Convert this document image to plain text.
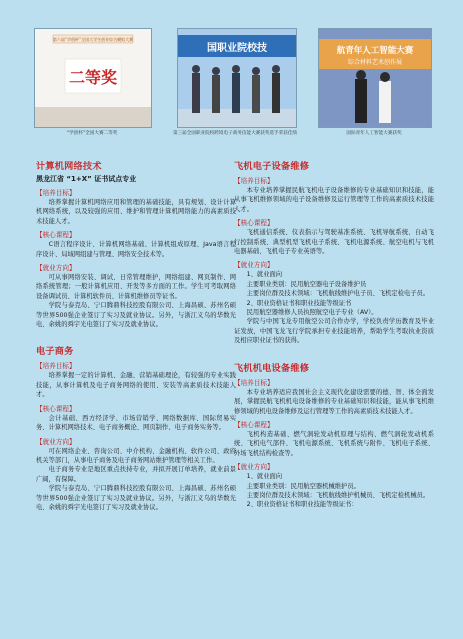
第六届“学创杯”全国大学生创业综合模拟大赛
二等奖
国职业院校技	航青年人工智能大赛
综合材料艺术创作展
“学创杯”全国大赛二等奖	第三届全国职业院校跨境电子商务技能大赛获奖选手荣获佳绩	国际青年人工智能大赛获奖
计算机网络技术
黑龙江省 “1+X” 证书试点专业
【培养目标】

培养掌握计算机网络应用和管理的基础技能，具有规划、设计计算机网络系统，以及较强的应用、维护和管理计算机网络能力的高素质技术技能人才。

【核心课程】

C语言程序设计、计算机网络基础、计算机组成原理、Java语言程序设计、局域网组建与管理、网络安全技术等。

【就业方向】

可从事网络安装、调试、日常管理维护，网络组建、网页制作、网络系统管理；一般计算机应用、开发等多方面的工作。学生可考取网络设备调试员、计算机软件员、计算机维修员等证书。

学院与泰克岛、宁口腾鼎科技控股有限公司、上海昌硕、苏州名硕等世界500强企业签订了实习及就业协议。另外，与浙江义乌的华数光电、余姚的舜宇光电签订了实习及就业协议。

电子商务
【培养目标】

培养掌握一定的计算机、金融、营销基础理论，有较强的专业实践技能，从事计算机及电子商务网络的使用、安装等高素质技术技能人才。

【核心课程】

会计基础、西方经济学、市场营销学、网络数据库、国际贸易实务、计算机网络技术、电子商务概论、网页制作、电子商务实务等。

【就业方向】

可在网络企业、咨询公司、中介机构、金融机构、软件公司、政府机关等部门，从事电子商务及电子商务网站维护管理等相关工作。

电子商务专业是地区重点扶持专业，并拟开展订单培养，就业前景广阔，有保障。

学院与泰克岛、宁口腾鼎科技控股有限公司、上海昌硕、苏州名硕等世界500强企业签订了实习及就业协议。另外，与浙江义乌的华数光电、余姚的舜宇光电签订了实习及就业协议。

飞机电子设备维修
【培养目标】

本专业培养掌握民航飞机电子设备维修的专业基础知识和技能，能从事飞机维修领域的电子设备维修及运行管理等工作的高素质技术技能人才。

【核心课程】

飞机通信系统、仪表指示与驾驶基准系统、飞机导航系统、自动飞行控制系统、典型机型飞机电子系统、飞机电源系统、航空电机与飞机电器基础、飞机电子专业英语等。

【就业方向】

1、就业面向

主要职业类别：民用航空器电子设备维护员

主要岗位群及技术领域：飞机航线维护电子员、飞机定检电子员。

2、职业资格证书和职业技能等级证书

民用航空器维修人员执照航空电子专业（AV）。

学院与中国飞龙专用航空公司合作办学，学校负责学历教育及毕业证发放，中国飞龙飞行学院承担专业技能培养，帮助学生考取执业资质及相应职业证书的获得。

飞机机电设备维修
【培养目标】

本专业培养适应我国社会主义现代化建设需要的德、智、体全面发展，掌握民航飞机机电设备维修的专业基础知识和技能，能从事飞机维修领域的机电设备维修及运行管理等工作的高素质技术技能人才。

【核心课程】

飞机构造基础、燃气涡轮发动机原理与结构、燃气涡轮发动机系统、飞机电气部件、飞机电源系统、飞机系统与附件、飞机电子系统、外场飞机结构检查等。

【就业方向】

1、就业面向

主要职业类别：民用航空器机械维护员。

主要岗位群及技术领域：飞机航线维护机械员、飞机定检机械员。

2、职业资格证书和职业技能等级证书：
